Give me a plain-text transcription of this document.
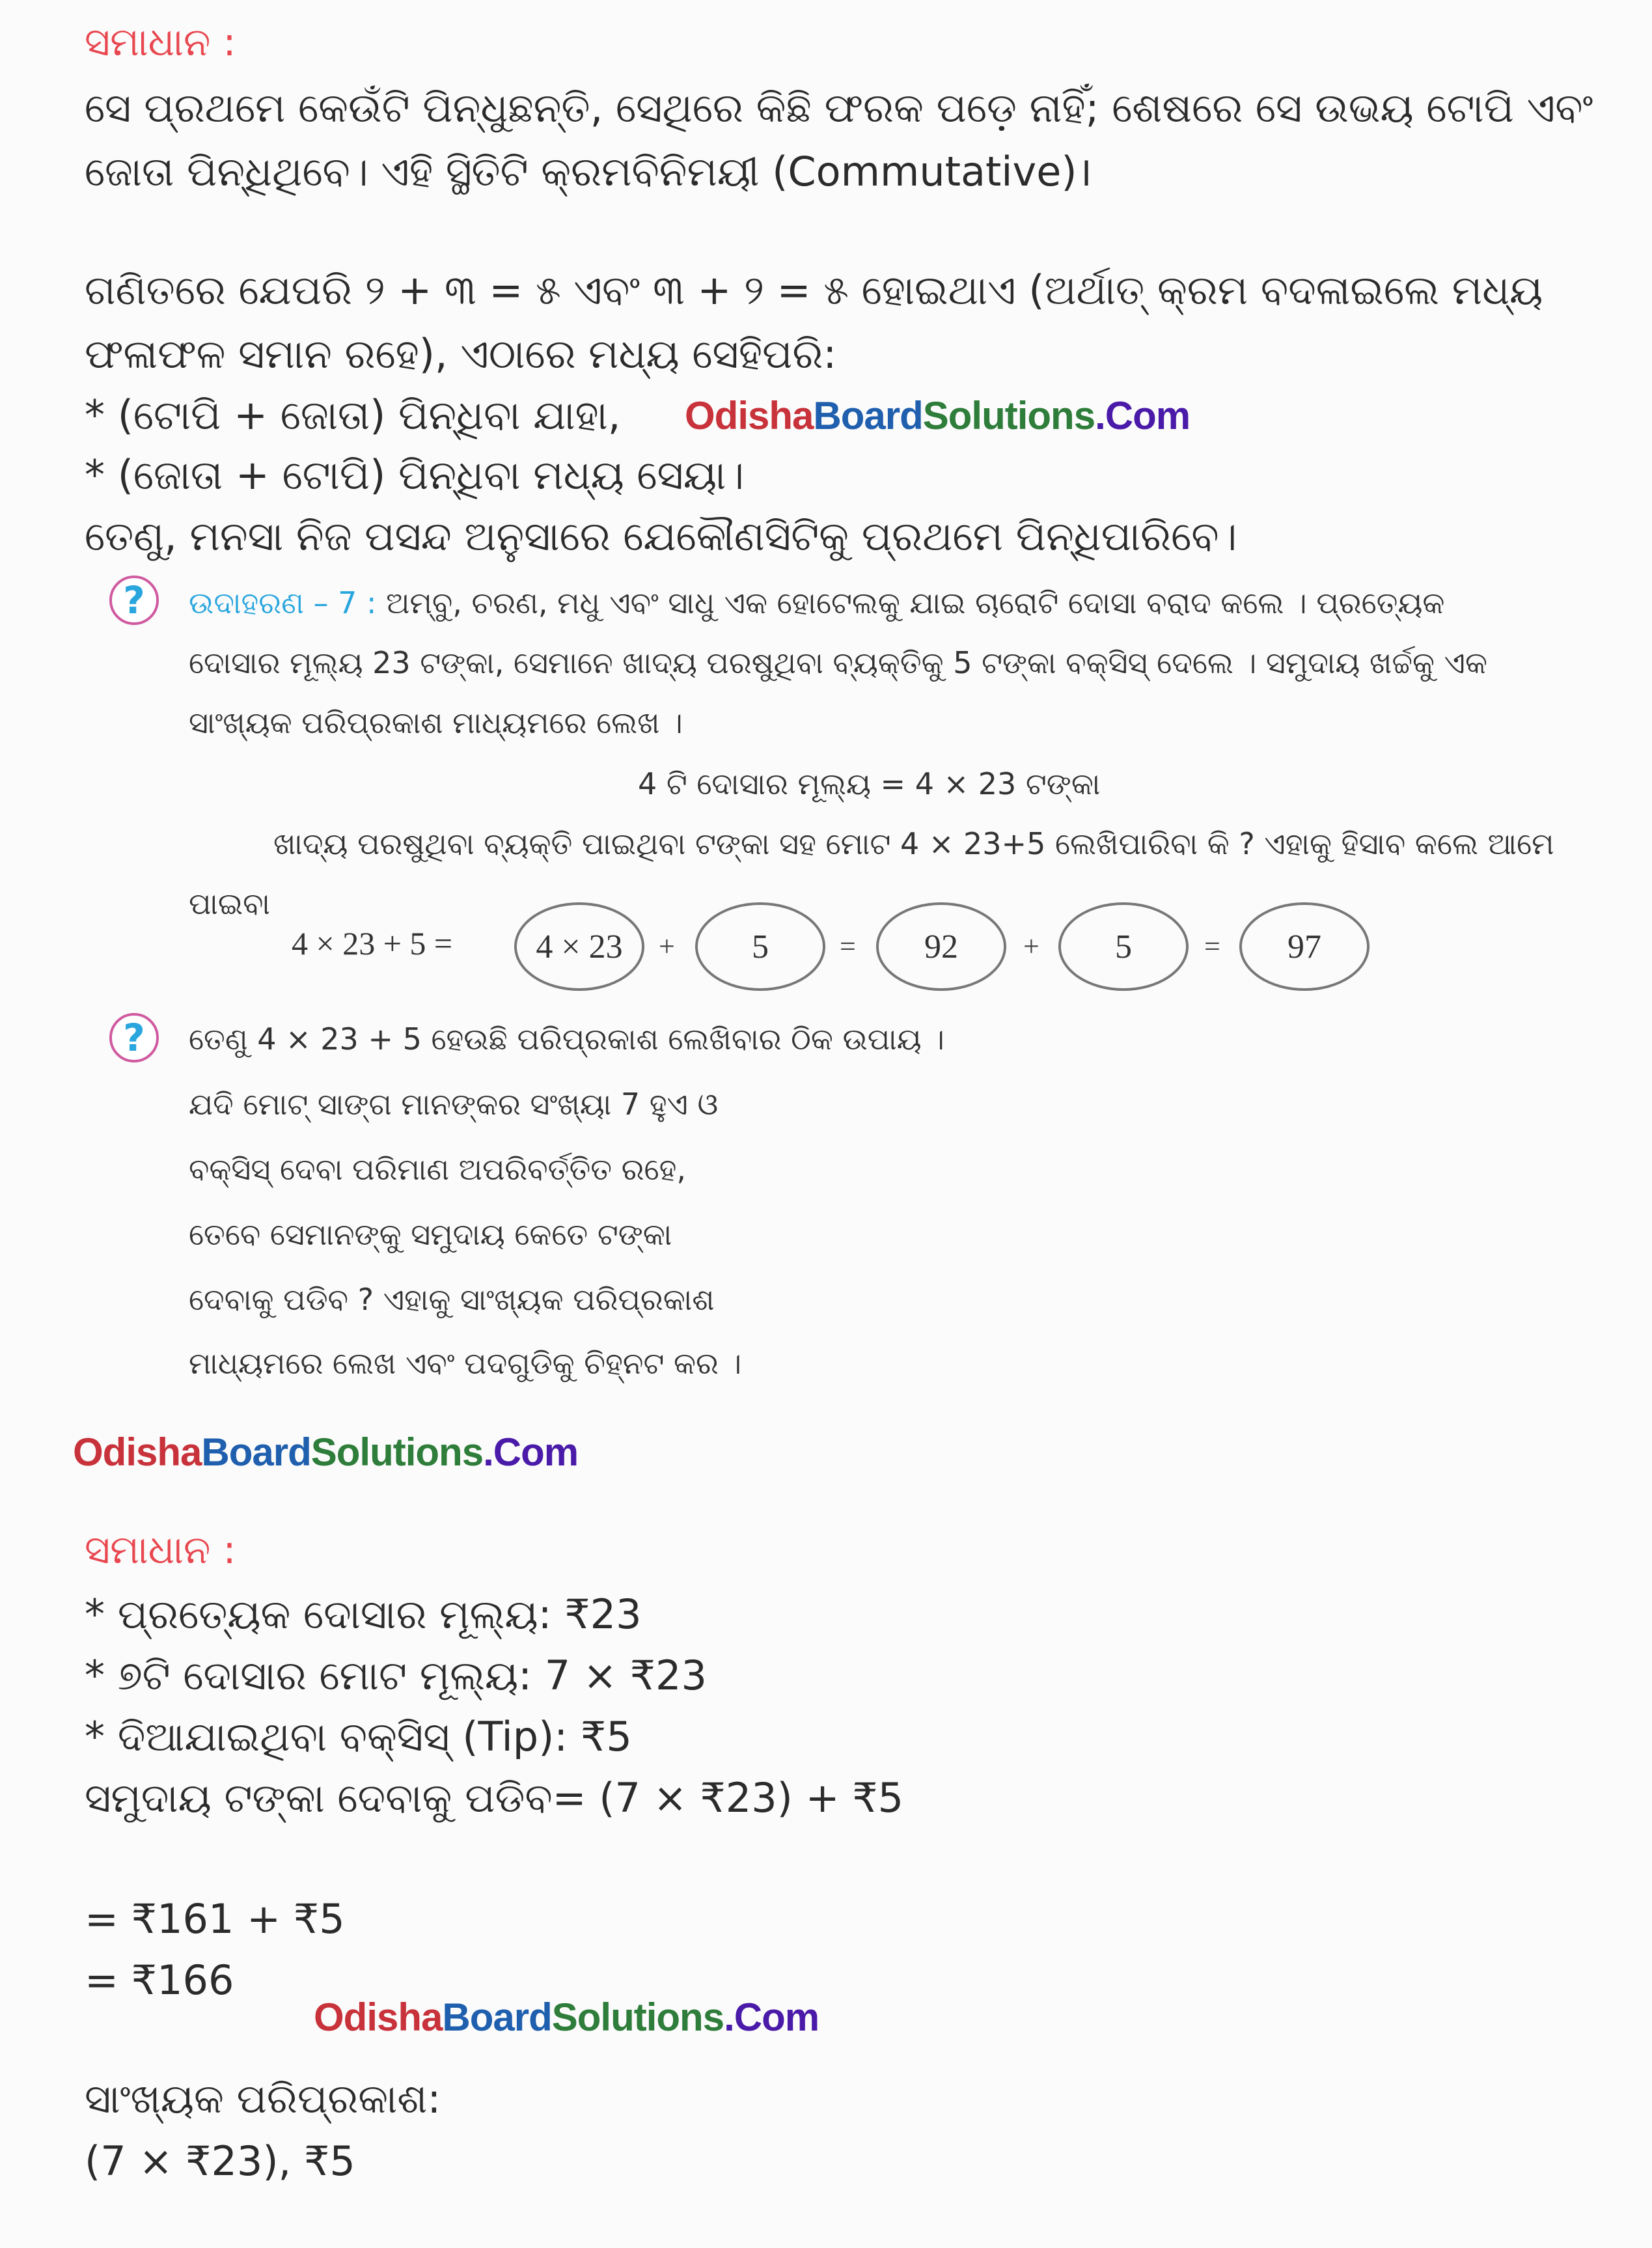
ସମାଧାନ :
ସେ ପ୍ରଥମେ କେଉଁଟି ପିନ୍ଧୁଛନ୍ତି, ସେଥିରେ କିଛି ଫରକ ପଡ଼େ ନାହିଁ; ଶେଷରେ ସେ ଉଭୟ ଟୋପି ଏବଂ
ଜୋତା ପିନ୍ଧିଥିବେ। ଏହି ସ୍ଥିତିଟି କ୍ରମବିନିମୟୀ (Commutative)।
ଗଣିତରେ ଯେପରି ୨ + ୩ = ୫ ଏବଂ ୩ + ୨ = ୫ ହୋଇଥାଏ (ଅର୍ଥାତ୍ କ୍ରମ ବଦଳାଇଲେ ମଧ୍ୟ
ଫଳାଫଳ ସମାନ ରହେ), ଏଠାରେ ମଧ୍ୟ ସେହିପରି:
* (ଟୋପି + ଜୋତା) ପିନ୍ଧିବା ଯାହା,
* (ଜୋତା + ଟୋପି) ପିନ୍ଧିବା ମଧ୍ୟ ସେୟା।
ତେଣୁ, ମନସା ନିଜ ପସନ୍ଦ ଅନୁସାରେ ଯେକୌଣସିଟିକୁ ପ୍ରଥମେ ପିନ୍ଧିପାରିବେ।
OdishaBoardSolutions.Com
?	ଉଦାହରଣ – 7 : ଅମ୍ବୁ, ଚରଣ, ମଧୁ ଏବଂ ସାଧୁ ଏକ ହୋଟେଲକୁ ଯାଇ ଚାରୋଟି ଦୋସା ବରାଦ କଲେ । ପ୍ରତ୍ୟେକ
ଦୋସାର ମୂଲ୍ୟ 23 ଟଙ୍କା, ସେମାନେ ଖାଦ୍ୟ ପରଷୁଥିବା ବ୍ୟକ୍ତିକୁ 5 ଟଙ୍କା ବକ୍‌ସିସ୍ ଦେଲେ । ସମୁଦାୟ ଖର୍ଚ୍ଚକୁ ଏକ
ସାଂଖ୍ୟକ ପରିପ୍ରକାଶ ମାଧ୍ୟମରେ ଲେଖ ।
4 ଟି ଦୋସାର ମୂଲ୍ୟ = 4 × 23 ଟଙ୍କା
ଖାଦ୍ୟ ପରଷୁଥିବା ବ୍ୟକ୍ତି ପାଇଥିବା ଟଙ୍କା ସହ ମୋଟ 4 × 23+5 ଲେଖିପାରିବା କି ? ଏହାକୁ ହିସାବ କଲେ ଆମେ
ପାଇବା
4 × 23 + 5 =	4 × 23	+	5	=	92	+	5	=	97
?	ତେଣୁ 4 × 23 + 5 ହେଉଛି ପରିପ୍ରକାଶ ଲେଖିବାର ଠିକ ଉପାୟ ।
ଯଦି ମୋଟ୍ ସାଙ୍ଗ ମାନଙ୍କର ସଂଖ୍ୟା 7 ହୁଏ ଓ
ବକ୍‌ସିସ୍ ଦେବା ପରିମାଣ ଅପରିବର୍ତ୍ତିତ ରହେ,
ତେବେ ସେମାନଙ୍କୁ ସମୁଦାୟ କେତେ ଟଙ୍କା
ଦେବାକୁ ପଡିବ ? ଏହାକୁ ସାଂଖ୍ୟକ ପରିପ୍ରକାଶ
ମାଧ୍ୟମରେ ଲେଖ ଏବଂ ପଦଗୁଡିକୁ ଚିହ୍ନଟ କର ।
OdishaBoardSolutions.Com
ସମାଧାନ :
* ପ୍ରତ୍ୟେକ ଦୋସାର ମୂଲ୍ୟ: ₹23
* ୭ଟି ଦୋସାର ମୋଟ ମୂଲ୍ୟ: 7 × ₹23
* ଦିଆଯାଇଥିବା ବକ୍‌ସିସ୍ (Tip): ₹5
ସମୁଦାୟ ଟଙ୍କା ଦେବାକୁ ପଡିବ= (7 × ₹23) + ₹5
= ₹161 + ₹5
= ₹166
OdishaBoardSolutions.Com
ସାଂଖ୍ୟକ ପରିପ୍ରକାଶ:
(7 × ₹23), ₹5
